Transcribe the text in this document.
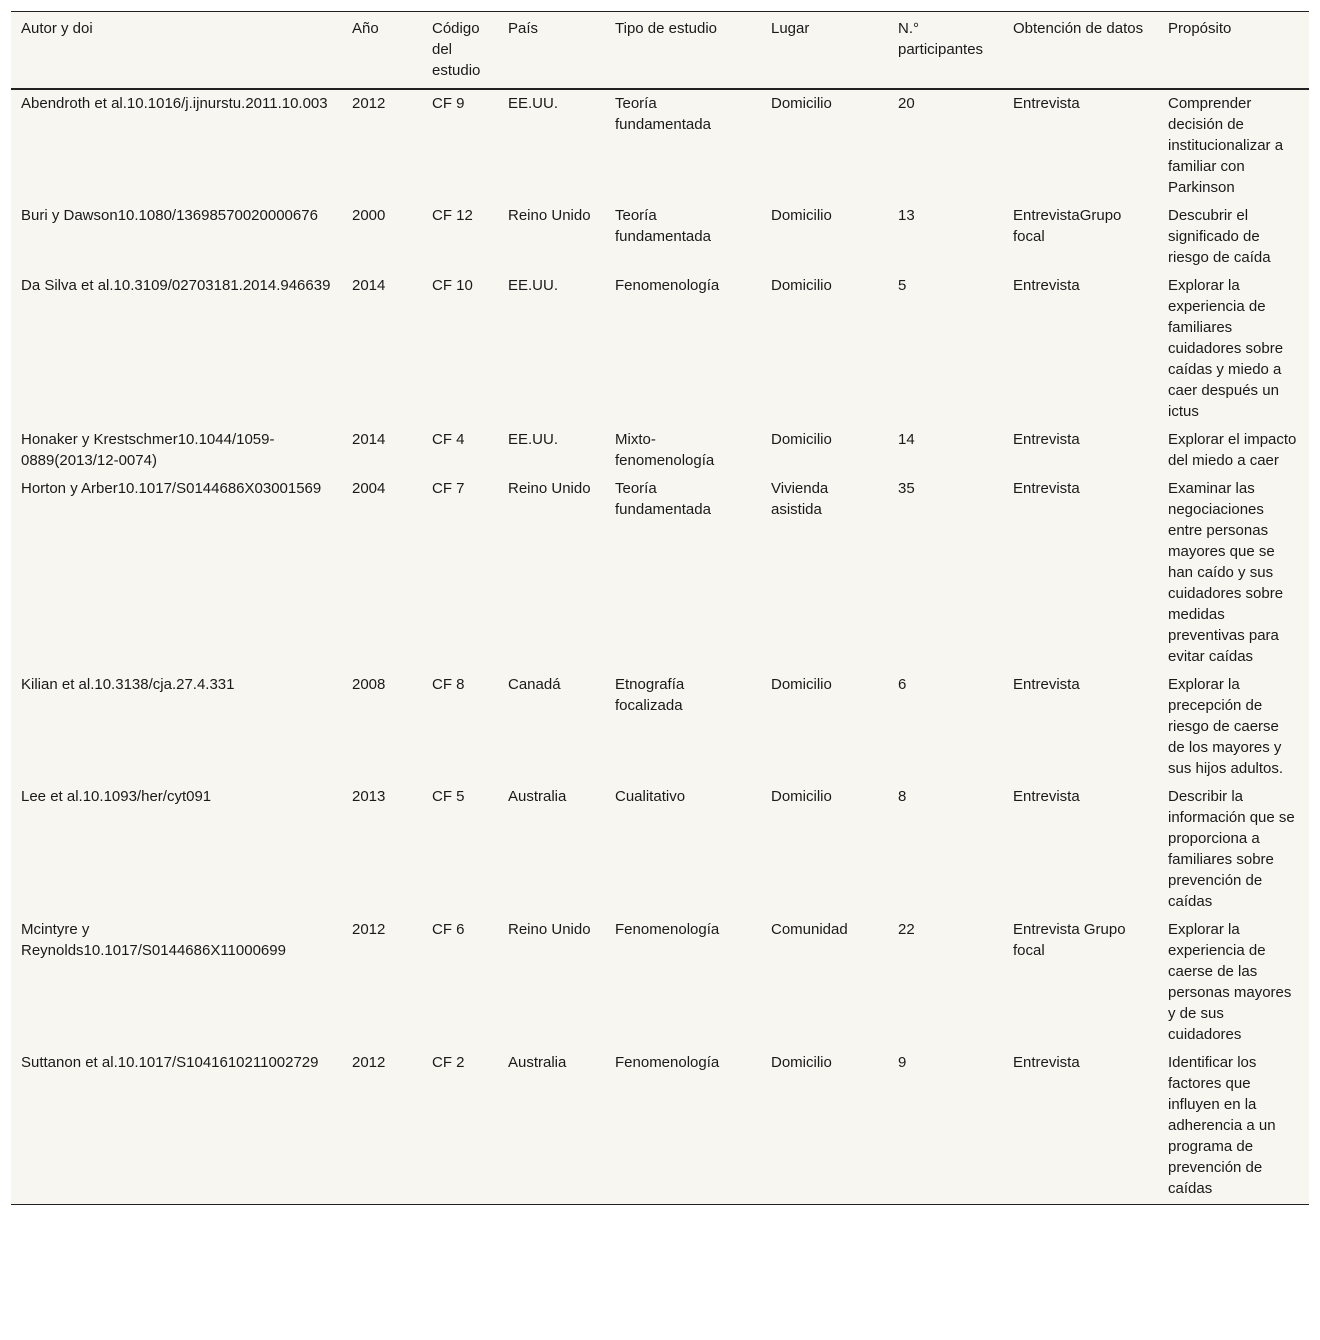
Autor y doi	Año	Código del estudio	País	Tipo de estudio	Lugar	N.° participantes	Obtención de datos	Propósito
Abendroth et al.10.1016/j.ijnurstu.2011.10.003	2012	CF 9	EE.UU.	Teoría fundamentada	Domicilio	20	Entrevista	Comprender decisión de institucionalizar a familiar con Parkinson
Buri y Dawson10.1080/13698570020000676	2000	CF 12	Reino Unido	Teoría fundamentada	Domicilio	13	EntrevistaGrupo focal	Descubrir el significado de riesgo de caída
Da Silva et al.10.3109/02703181.2014.946639	2014	CF 10	EE.UU.	Fenomenología	Domicilio	5	Entrevista	Explorar la experiencia de familiares cuidadores sobre caídas y miedo a caer después un ictus
Honaker y Krestschmer10.1044/1059-0889(2013/12-0074)	2014	CF 4	EE.UU.	Mixto-fenomenología	Domicilio	14	Entrevista	Explorar el impacto del miedo a caer
Horton y Arber10.1017/S0144686X03001569	2004	CF 7	Reino Unido	Teoría fundamentada	Vivienda asistida	35	Entrevista	Examinar las negociaciones entre personas mayores que se han caído y sus cuidadores sobre medidas preventivas para evitar caídas
Kilian et al.10.3138/cja.27.4.331	2008	CF 8	Canadá	Etnografía focalizada	Domicilio	6	Entrevista	Explorar la precepción de riesgo de caerse de los mayores y sus hijos adultos.
Lee et al.10.1093/her/cyt091	2013	CF 5	Australia	Cualitativo	Domicilio	8	Entrevista	Describir la información que se proporciona a familiares sobre prevención de caídas
Mcintyre y Reynolds10.1017/S0144686X11000699	2012	CF 6	Reino Unido	Fenomenología	Comunidad	22	Entrevista Grupo focal	Explorar la experiencia de caerse de las personas mayores y de sus cuidadores
Suttanon et al.10.1017/S1041610211002729	2012	CF 2	Australia	Fenomenología	Domicilio	9	Entrevista	Identificar los factores que influyen en la adherencia a un programa de prevención de caídas
